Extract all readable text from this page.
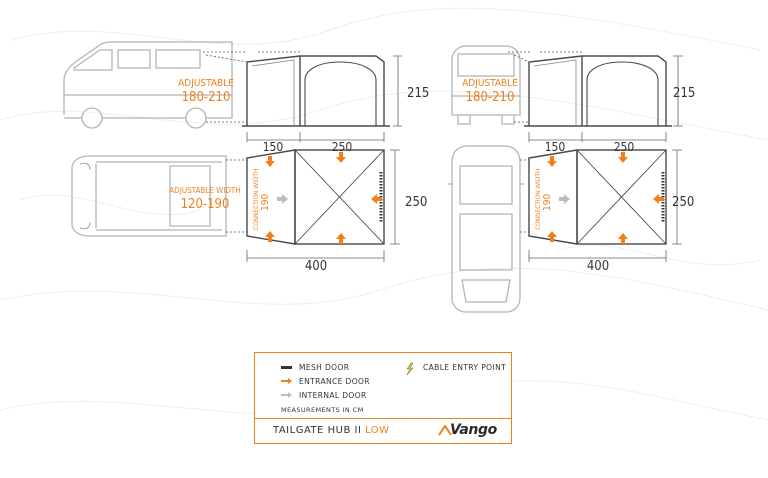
ADJUSTABLE
180-210	215
150	250
ADJUSTABLE WIDTH
120-190	CONNECTION WIDTH 190	250
400
ADJUSTABLE
180-210	215
150	250
CONNECTION WIDTH 190	250
400
MESH DOOR
ENTRANCE DOOR
INTERNAL DOOR
CABLE ENTRY POINT
MEASUREMENTS IN CM
TAILGATE HUB II LOW	Vango
